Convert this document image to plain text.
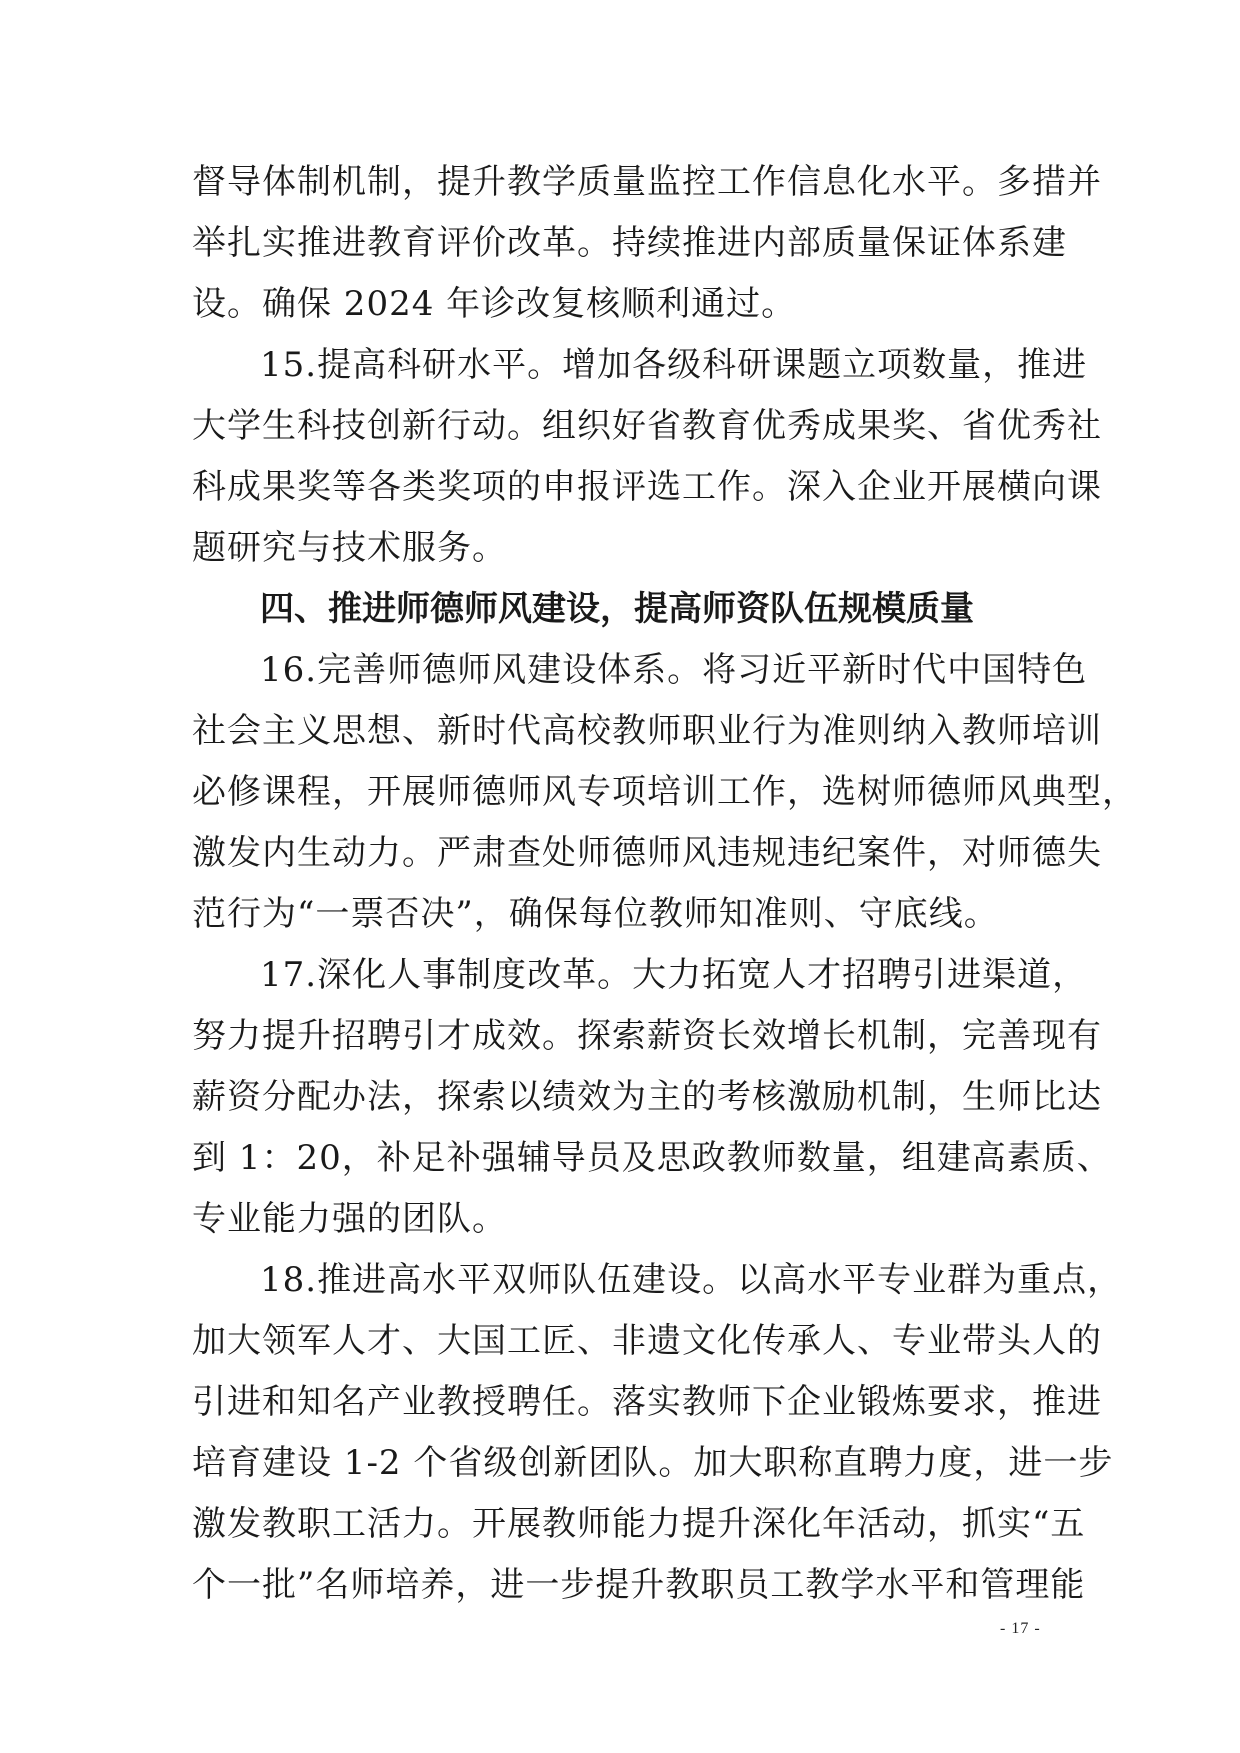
督导体制机制，提升教学质量监控工作信息化水平。多措并
举扎实推进教育评价改革。持续推进内部质量保证体系建
设。确保 2024 年诊改复核顺利通过。
15.提高科研水平。增加各级科研课题立项数量，推进
大学生科技创新行动。组织好省教育优秀成果奖、省优秀社
科成果奖等各类奖项的申报评选工作。深入企业开展横向课
题研究与技术服务。
四、推进师德师风建设，提高师资队伍规模质量
16.完善师德师风建设体系。将习近平新时代中国特色
社会主义思想、新时代高校教师职业行为准则纳入教师培训
必修课程，开展师德师风专项培训工作，选树师德师风典型，
激发内生动力。严肃查处师德师风违规违纪案件，对师德失
范行为“一票否决”，确保每位教师知准则、守底线。
17.深化人事制度改革。大力拓宽人才招聘引进渠道，
努力提升招聘引才成效。探索薪资长效增长机制，完善现有
薪资分配办法，探索以绩效为主的考核激励机制，生师比达
到 1：20，补足补强辅导员及思政教师数量，组建高素质、
专业能力强的团队。
18.推进高水平双师队伍建设。以高水平专业群为重点，
加大领军人才、大国工匠、非遗文化传承人、专业带头人的
引进和知名产业教授聘任。落实教师下企业锻炼要求，推进
培育建设 1-2 个省级创新团队。加大职称直聘力度，进一步
激发教职工活力。开展教师能力提升深化年活动，抓实“五
个一批”名师培养，进一步提升教职员工教学水平和管理能
- 17 -
